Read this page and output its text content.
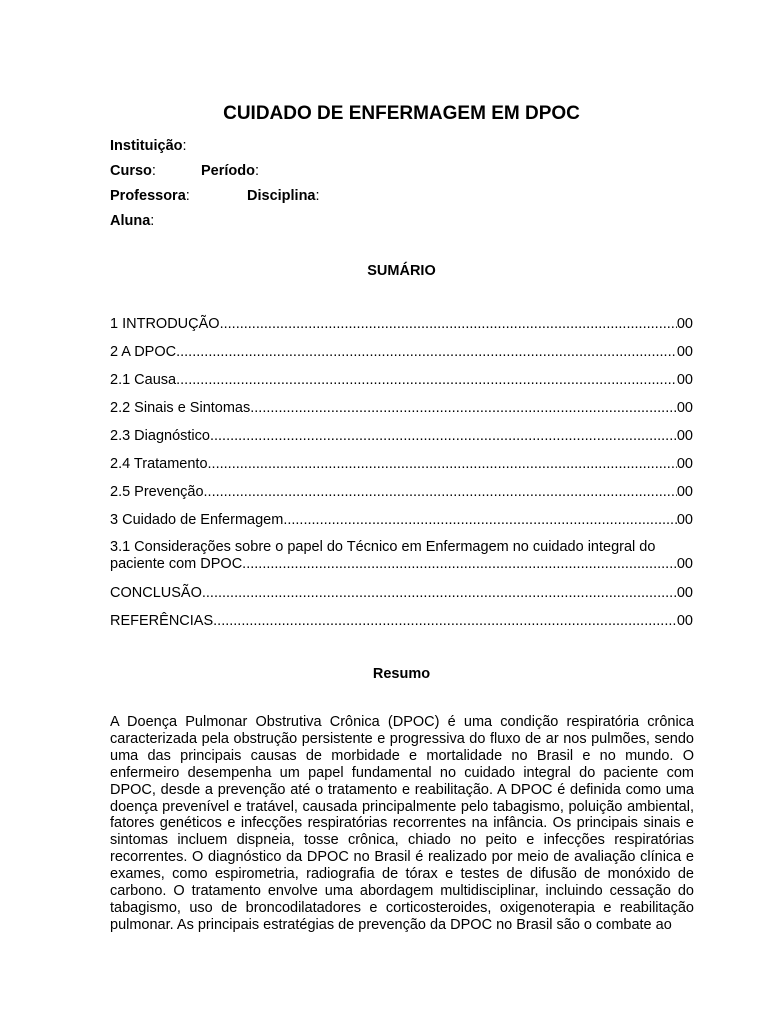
CUIDADO DE ENFERMAGEM EM DPOC
Instituição:
Curso:	Período:
Professora:	Disciplina:
Aluna:
SUMÁRIO
1 INTRODUÇÃO .....	00
2 A DPOC .....	00
2.1 Causa .....	00
2.2 Sinais e Sintomas .....	00
2.3 Diagnóstico .....	00
2.4 Tratamento .....	00
2.5 Prevenção .....	00
3 Cuidado de Enfermagem .....	00
3.1 Considerações sobre o papel do Técnico em Enfermagem no cuidado integral do
paciente com DPOC .....	00
CONCLUSÃO .....	00
REFERÊNCIAS .....	00
Resumo
A Doença Pulmonar Obstrutiva Crônica (DPOC) é uma condição respiratória crônica caracterizada pela obstrução persistente e progressiva do fluxo de ar nos pulmões, sendo uma das principais causas de morbidade e mortalidade no Brasil e no mundo. O enfermeiro desempenha um papel fundamental no cuidado integral do paciente com DPOC, desde a prevenção até o tratamento e reabilitação. A DPOC é definida como uma doença prevenível e tratável, causada principalmente pelo tabagismo, poluição ambiental, fatores genéticos e infecções respiratórias recorrentes na infância. Os principais sinais e sintomas incluem dispneia, tosse crônica, chiado no peito e infecções respiratórias recorrentes. O diagnóstico da DPOC no Brasil é realizado por meio de avaliação clínica e exames, como espirometria, radiografia de tórax e testes de difusão de monóxido de carbono. O tratamento envolve uma abordagem multidisciplinar, incluindo cessação do tabagismo, uso de broncodilatadores e corticosteroides, oxigenoterapia e reabilitação pulmonar. As principais estratégias de prevenção da DPOC no Brasil são o combate ao
